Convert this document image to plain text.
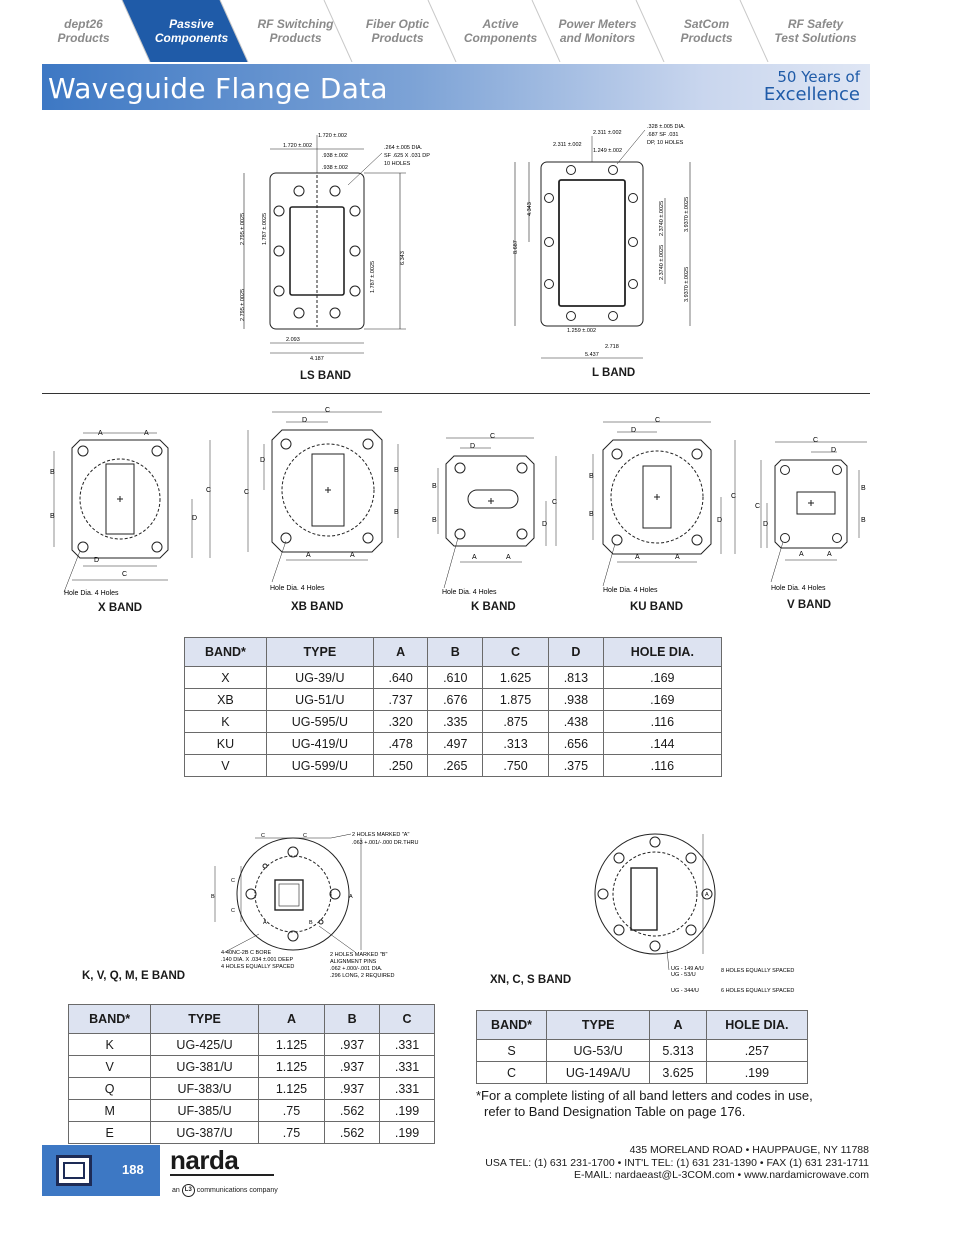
dept26
Products
Passive
Components
RF Switching
Products
Fiber Optic
Products
Active
Components
Power Meters
and Monitors
SatCom
Products
RF Safety
Test Solutions
Waveguide Flange Data	50 Years of
Excellence
1.720 ±.002
1.720 ±.002
.938 ±.002
.938 ±.002
.264 ±.005 DIA.
SF .625 X .031 DP
10 HOLES
2.795 ±.0025
2.795 ±.0025
1.787 ±.0025
1.787 ±.0025
6.343
2.093
4.187
LS BAND
2.311 ±.002
2.311 ±.002
1.249 ±.002
.328 ±.005 DIA.
.687 SF .031
DP, 10 HOLES
4.343
8.687
2.3740 ±.0025	3.9370 ±.0025
2.3740 ±.0025
3.9370 ±.0025
1.259 ±.002
2.718
5.437
L BAND
A	A
B
B
C
D
D
C
Hole Dia. 4 Holes
X BAND
C
D
C
D
B
B
A	A
Hole Dia. 4 Holes
XB BAND
C
D
B
B
C
D
A	A
Hole Dia. 4 Holes
K BAND
C
D
B
B
C
D
A	A
Hole Dia. 4 Holes
KU BAND
C
D
C
D
B
B
A	A
Hole Dia. 4 Holes
V BAND
BAND*	TYPE	A	B	C	D	HOLE DIA.
X	UG-39/U	.640	.610	1.625	.813	.169
XB	UG-51/U	.737	.676	1.875	.938	.169
K	UG-595/U	.320	.335	.875	.438	.116
KU	UG-419/U	.478	.497	.313	.656	.144
V	UG-599/U	.250	.265	.750	.375	.116
C	C
B
C
C
A
A	B
2 HOLES MARKED "A"
.063 +.001/-.000 DR.THRU
4-40NC-2B C BORE
.140 DIA. X .034 ±.001 DEEP
4 HOLES EQUALLY SPACED
2 HOLES MARKED "B"
ALIGNMENT PINS
.062 +.000/-.001 DIA.
.296 LONG, 2 REQUIRED
K, V, Q, M, E BAND
A
UG - 149 A/U
UG - 53/U
8 HOLES EQUALLY SPACED
UG - 344/U	6 HOLES EQUALLY SPACED
XN, C, S BAND
BAND*	TYPE	A	B	C
K	UG-425/U	1.125	.937	.331
V	UG-381/U	1.125	.937	.331
Q	UF-383/U	1.125	.937	.331
M	UF-385/U	.75	.562	.199
E	UG-387/U	.75	.562	.199
BAND*	TYPE	A	HOLE DIA.
S	UG-53/U	5.313	.257
C	UG-149A/U	3.625	.199
*For a complete listing of all band letters and codes in use,
refer to Band Designation Table on page 176.
188 narda
an L3 communications company
435 MORELAND ROAD • HAUPPAUGE, NY 11788
USA TEL: (1) 631 231-1700 • INT'L TEL: (1) 631 231-1390 • FAX (1) 631 231-1711
E-MAIL: nardaeast@L-3COM.com • www.nardamicrowave.com
